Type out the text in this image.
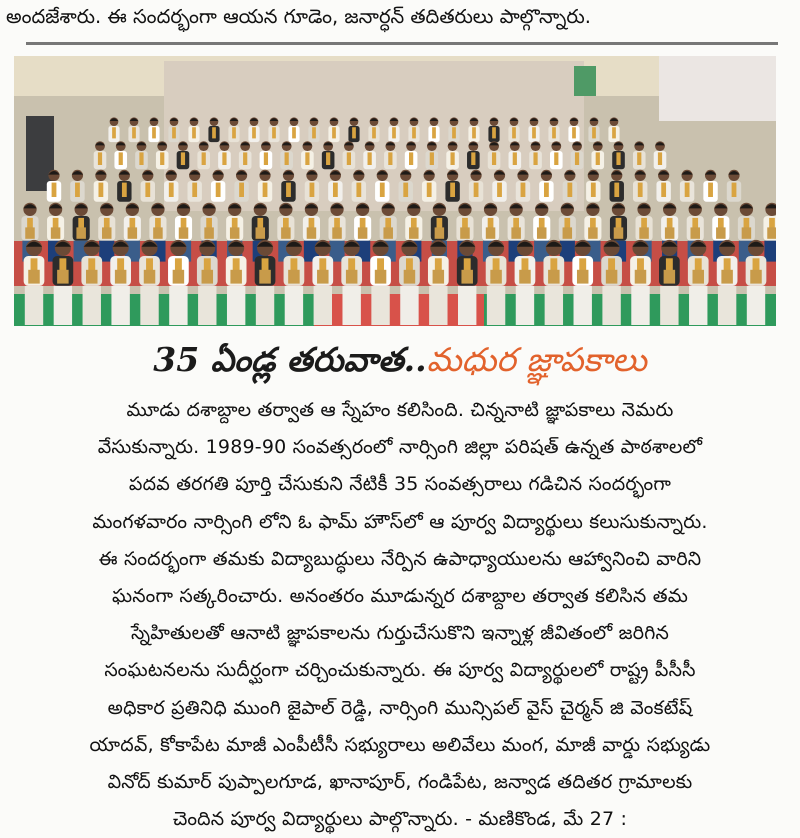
అందజేశారు. ఈ సందర్భంగా ఆయన గూడెం, జనార్ధన్ తదితరులు పాల్గొన్నారు.
35 ఏండ్ల తరువాత..మధుర జ్ఞాపకాలు
మూడు దశాబ్దాల తర్వాత ఆ స్నేహం కలిసింది. చిన్ననాటి జ్ఞాపకాలు నెమరు
వేసుకున్నారు. 1989-90 సంవత్సరంలో నార్సింగి జిల్లా పరిషత్ ఉన్నత పాఠశాలలో
పదవ తరగతి పూర్తి చేసుకుని నేటికీ 35 సంవత్సరాలు గడిచిన సందర్భంగా
మంగళవారం నార్సింగి లోని ఓ ఫామ్ హౌస్‌లో ఆ పూర్వ విద్యార్థులు కలుసుకున్నారు.
ఈ సందర్భంగా తమకు విద్యాబుద్ధులు నేర్పిన ఉపాధ్యాయులను ఆహ్వానించి వారిని
ఘనంగా సత్కరించారు. అనంతరం మూడున్నర దశాబ్దాల తర్వాత కలిసిన తమ
స్నేహితులతో ఆనాటి జ్ఞాపకాలను గుర్తుచేసుకొని ఇన్నాళ్ల జీవితంలో జరిగిన
సంఘటనలను సుదీర్ఘంగా చర్చించుకున్నారు. ఈ పూర్వ విద్యార్థులలో రాష్ట్ర పీసీసీ
అధికార ప్రతినిధి ముంగి జైపాల్ రెడ్డి, నార్సింగి మున్సిపల్ వైస్ చైర్మన్ జి వెంకటేష్
యాదవ్, కోకాపేట మాజీ ఎంపీటీసీ సభ్యురాలు అలివేలు మంగ, మాజీ వార్డు సభ్యుడు
వినోద్ కుమార్ పుప్పాలగూడ, ఖానాపూర్, గండిపేట, జన్వాడ తదితర గ్రామాలకు
చెందిన పూర్వ విద్యార్థులు పాల్గొన్నారు. - మణికొండ, మే 27 :
